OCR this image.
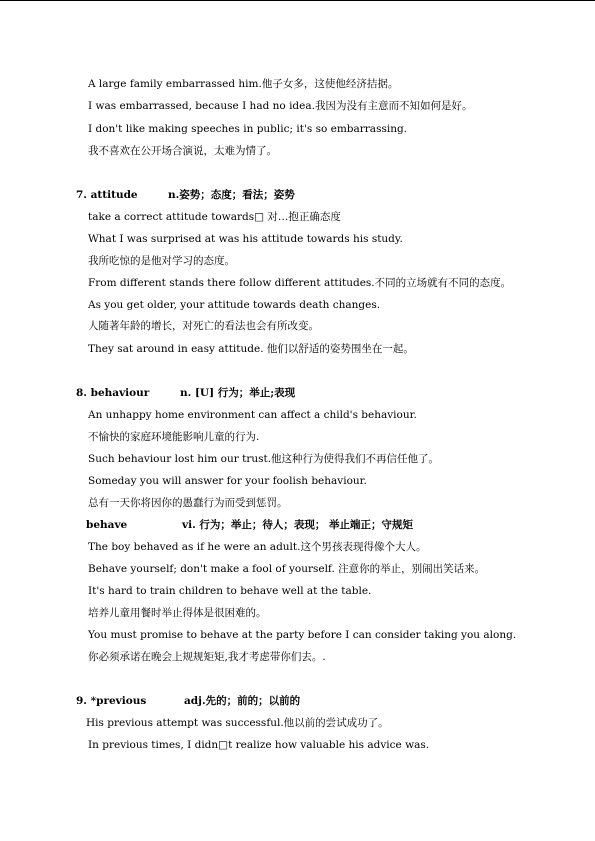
A large family embarrassed him.他子女多，这使他经济拮据。
I was embarrassed, because I had no idea.我因为没有主意而不知如何是好。
I don't like making speeches in public; it's so embarrassing.
我不喜欢在公开场合演说，太难为情了。
7. attitude	n.姿势；态度；看法；姿势
take a correct attitude towards□ 对…抱正确态度
What I was surprised at was his attitude towards his study.
我所吃惊的是他对学习的态度。
From different stands there follow different attitudes.不同的立场就有不同的态度。
As you get older, your attitude towards death changes.
人随著年龄的增长，对死亡的看法也会有所改变。
They sat around in easy attitude. 他们以舒适的姿势围坐在一起。
8. behaviour	n. [U] 行为；举止;表现
An unhappy home environment can affect a child's behaviour.
不愉快的家庭环境能影响儿童的行为.
Such behaviour lost him our trust.他这种行为使得我们不再信任他了。
Someday you will answer for your foolish behaviour.
总有一天你将因你的愚蠢行为而受到惩罚。
behave	vi. 行为；举止；待人；表现； 举止端正；守规矩
The boy behaved as if he were an adult.这个男孩表现得像个大人。
Behave yourself; don't make a fool of yourself. 注意你的举止，别闹出笑话来。
It's hard to train children to behave well at the table.
培养儿童用餐时举止得体是很困难的。
You must promise to behave at the party before I can consider taking you along.
你必须承诺在晚会上规规矩矩,我才考虑带你们去。.
9. *previous	adj.先的；前的；以前的
His previous attempt was successful.他以前的尝试成功了。
In previous times, I didn□t realize how valuable his advice was.
